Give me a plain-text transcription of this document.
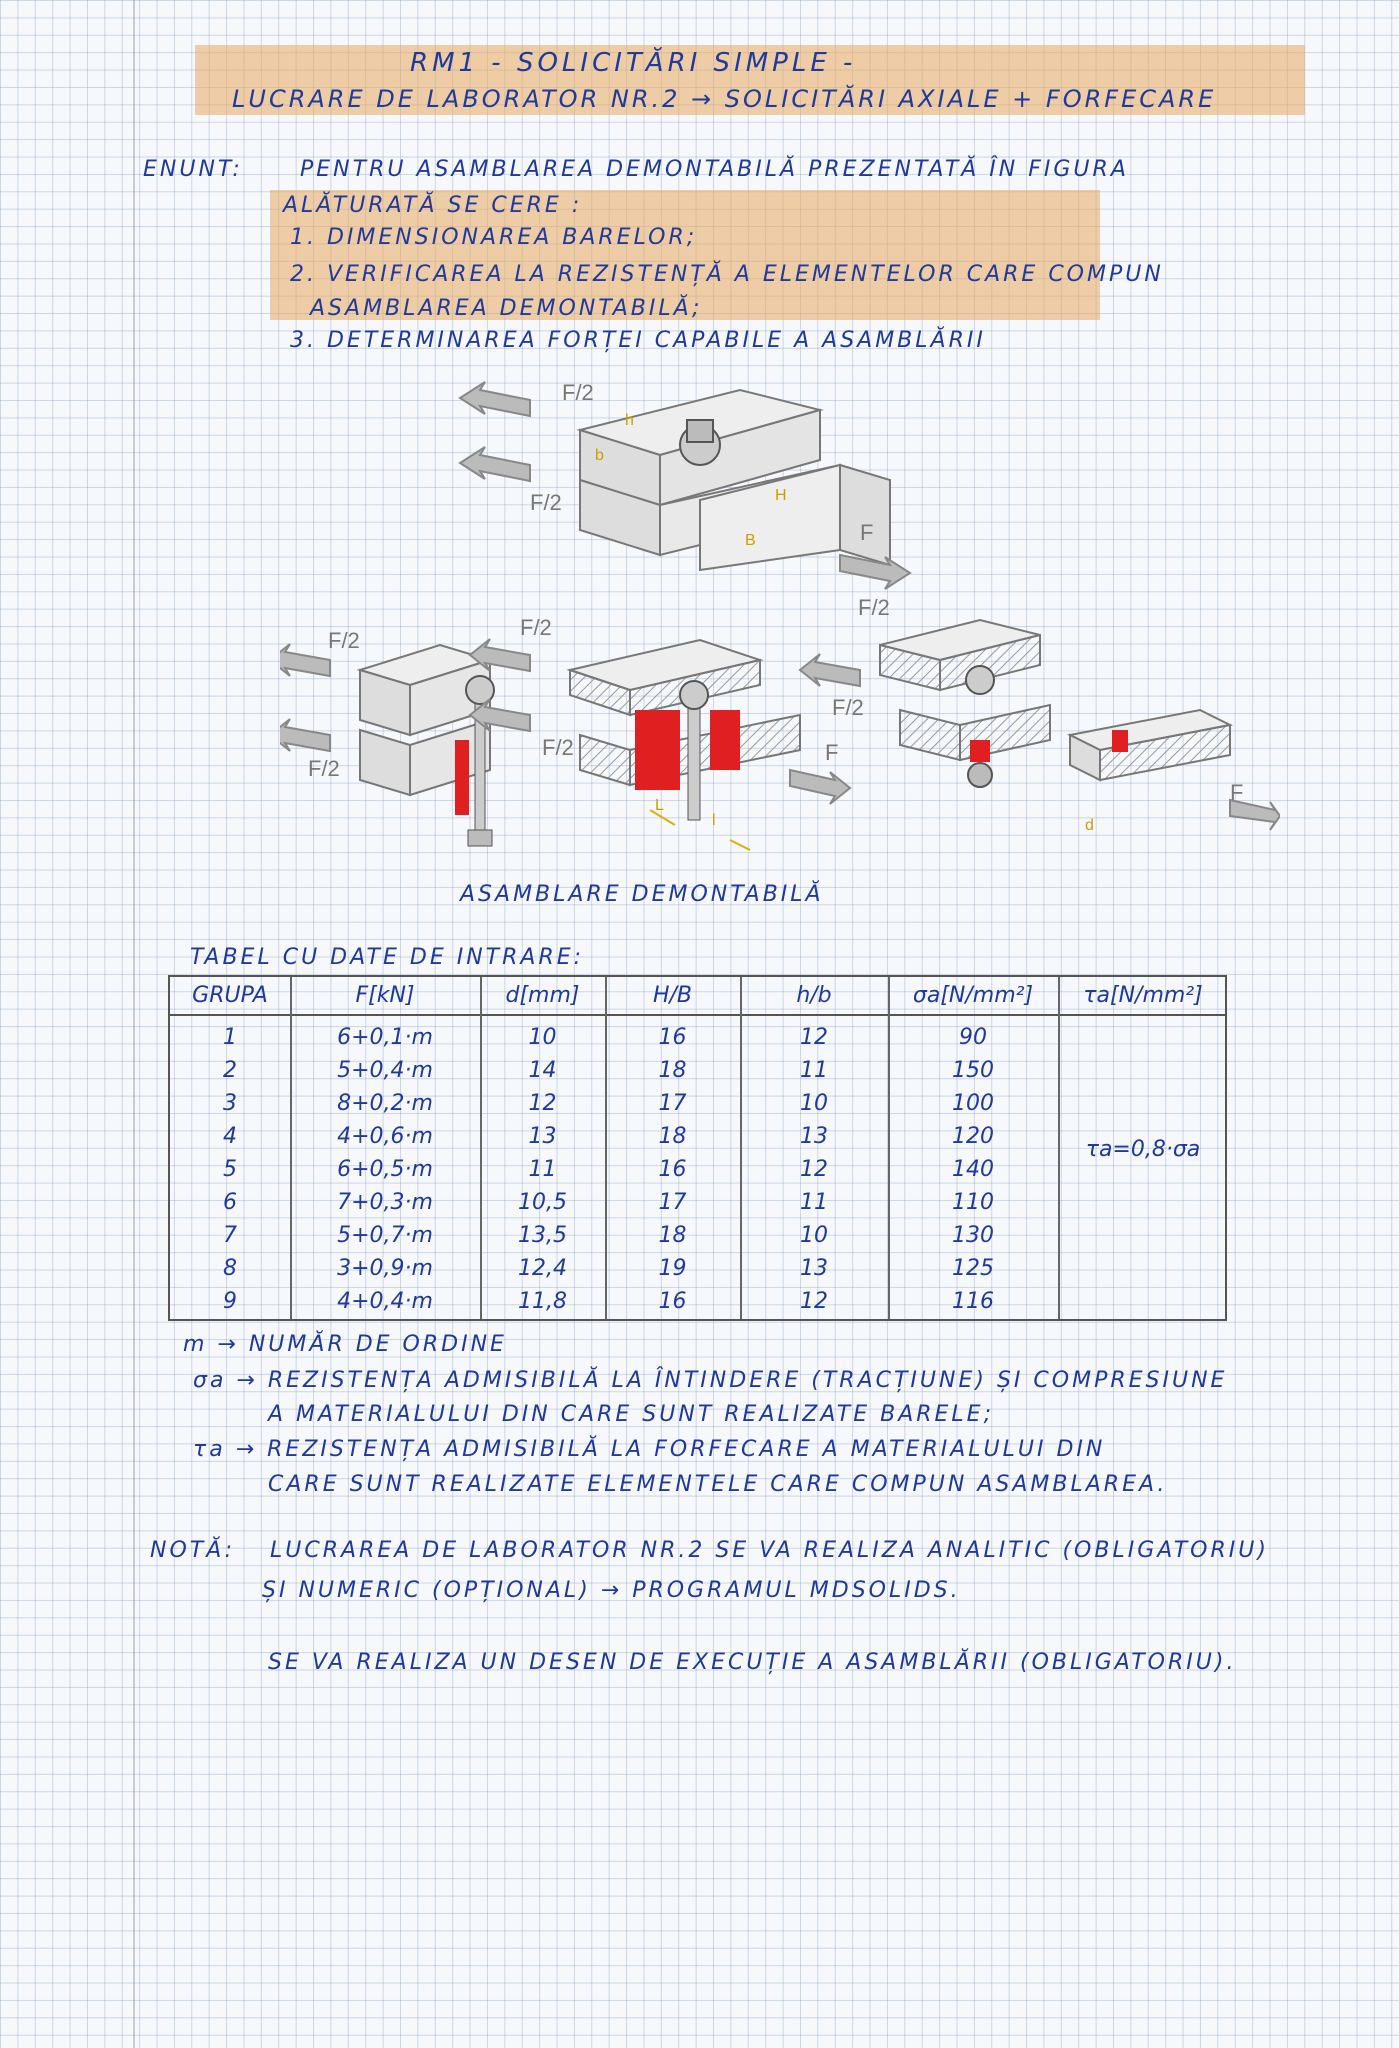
RM1 - SOLICITĂRI SIMPLE -
LUCRARE DE LABORATOR NR.2 → SOLICITĂRI AXIALE + FORFECARE
ENUNT:	PENTRU ASAMBLAREA DEMONTABILĂ PREZENTATĂ ÎN FIGURA
ALĂTURATĂ SE CERE :
1. DIMENSIONAREA BARELOR;
2. VERIFICAREA LA REZISTENȚĂ A ELEMENTELOR CARE COMPUN
ASAMBLAREA DEMONTABILĂ;
3. DETERMINAREA FORȚEI CAPABILE A ASAMBLĂRII
F/2
F/2
F
h
b
H
B
F/2
F/2
F/2
F/2	F
L
l
F/2
F/2
F
d
ASAMBLARE DEMONTABILĂ
TABEL CU DATE DE INTRARE:
GRUPA	F[kN]	d[mm]	H/B	h/b	σa[N/mm²]	τa[N/mm²]
1	6+0,1·m	10	16	12	90
2	5+0,4·m	14	18	11	150
3	8+0,2·m	12	17	10	100
4	4+0,6·m	13	18	13	120
5	6+0,5·m	11	16	12	140
6	7+0,3·m	10,5	17	11	110
7	5+0,7·m	13,5	18	10	130
8	3+0,9·m	12,4	19	13	125
9	4+0,4·m	11,8	16	12	116
τa=0,8·σa
m → NUMĂR DE ORDINE
σa → REZISTENȚA ADMISIBILĂ LA ÎNTINDERE (TRACȚIUNE) ȘI COMPRESIUNE
A MATERIALULUI DIN CARE SUNT REALIZATE BARELE;
τa → REZISTENȚA ADMISIBILĂ LA FORFECARE A MATERIALULUI DIN
CARE SUNT REALIZATE ELEMENTELE CARE COMPUN ASAMBLAREA.
NOTĂ: LUCRAREA DE LABORATOR NR.2 SE VA REALIZA ANALITIC (OBLIGATORIU)
ȘI NUMERIC (OPȚIONAL) → PROGRAMUL MDSOLIDS.
SE VA REALIZA UN DESEN DE EXECUȚIE A ASAMBLĂRII (OBLIGATORIU).
